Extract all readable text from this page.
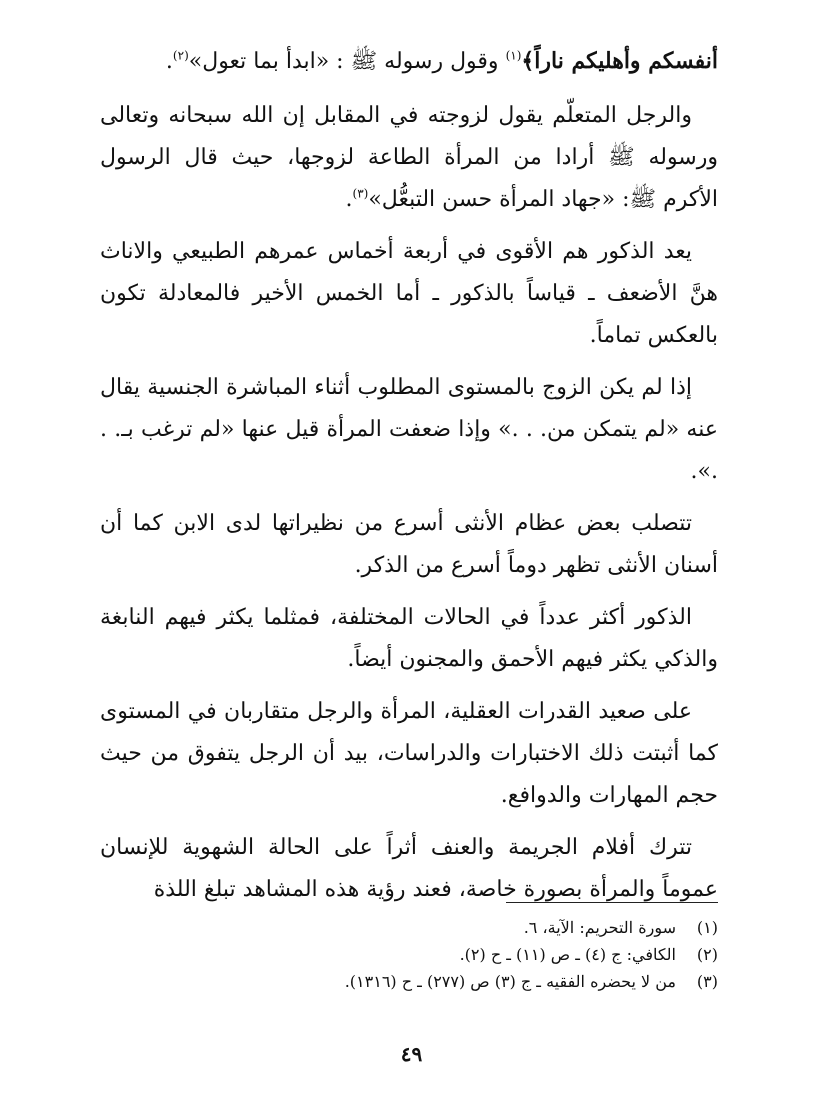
أنفسكم وأهليكم ناراً﴾$^{(١)}$ وقول رسوله ﷺ : «ابدأ بما تعول»$^{(٢)}$.

والرجل المتعلّم يقول لزوجته في المقابل إن الله سبحانه وتعالى ورسوله ﷺ أرادا من المرأة الطاعة لزوجها، حيث قال الرسول الأكرم ﷺ: «جهاد المرأة حسن التبعُّل»$^{(٣)}$.

يعد الذكور هم الأقوى في أربعة أخماس عمرهم الطبيعي والاناث هنَّ الأضعف ـ قياساً بالذكور ـ أما الخمس الأخير فالمعادلة تكون بالعكس تماماً.

إذا لم يكن الزوج بالمستوى المطلوب أثناء المباشرة الجنسية يقال عنه «لم يتمكن من. . .» وإذا ضعفت المرأة قيل عنها «لم ترغب بـ. . .».

تتصلب بعض عظام الأنثى أسرع من نظيراتها لدى الابن كما أن أسنان الأنثى تظهر دوماً أسرع من الذكر.

الذكور أكثر عدداً في الحالات المختلفة، فمثلما يكثر فيهم النابغة والذكي يكثر فيهم الأحمق والمجنون أيضاً.

على صعيد القدرات العقلية، المرأة والرجل متقاربان في المستوى كما أثبتت ذلك الاختبارات والدراسات، بيد أن الرجل يتفوق من حيث حجم المهارات والدوافع.

تترك أفلام الجريمة والعنف أثراً على الحالة الشهوية للإنسان عموماً والمرأة بصورة خاصة، فعند رؤية هذه المشاهد تبلغ اللذة

(١)سورة التحريم: الآية، ٦.
(٢)الكافي: ج (٤) ـ ص (١١) ـ ح (٢).
(٣)من لا يحضره الفقيه ـ ج (٣) ص (٢٧٧) ـ ح (١٣١٦).
٤٩
